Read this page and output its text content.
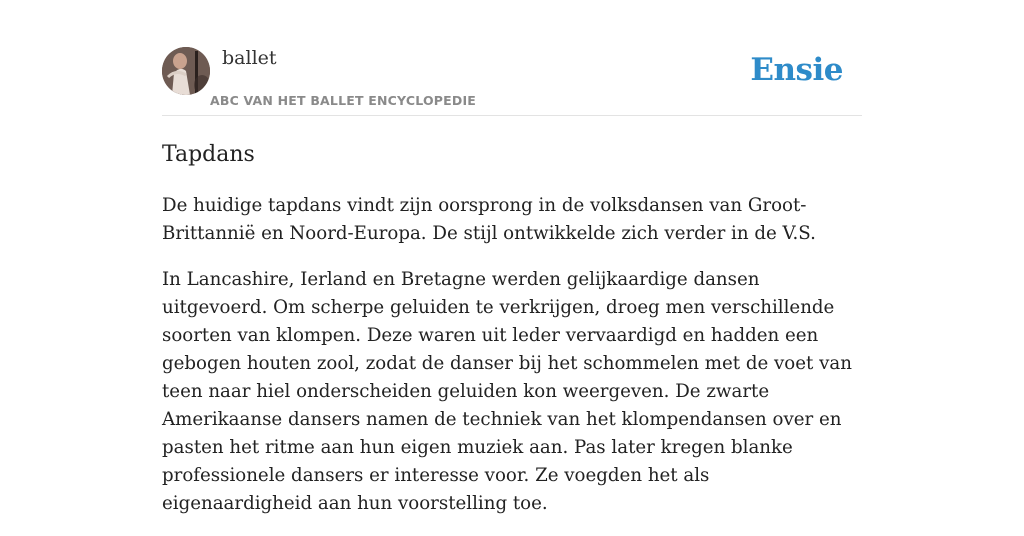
ballet
ABC VAN HET BALLET ENCYCLOPEDIE
Ensie
Tapdans

De huidige tapdans vindt zijn oorsprong in de volksdansen van Groot-Brittannië en Noord-Europa. De stijl ontwikkelde zich verder in de V.S.

In Lancashire, Ierland en Bretagne werden gelijkaardige dansen uitgevoerd. Om scherpe geluiden te verkrijgen, droeg men verschillende soorten van klompen. Deze waren uit leder vervaardigd en hadden een gebogen houten zool, zodat de danser bij het schommelen met de voet van teen naar hiel onderscheiden geluiden kon weergeven. De zwarte Amerikaanse dansers namen de techniek van het klompendansen over en pasten het ritme aan hun eigen muziek aan. Pas later kregen blanke professionele dansers er interesse voor. Ze voegden het als eigenaardigheid aan hun voorstelling toe.
